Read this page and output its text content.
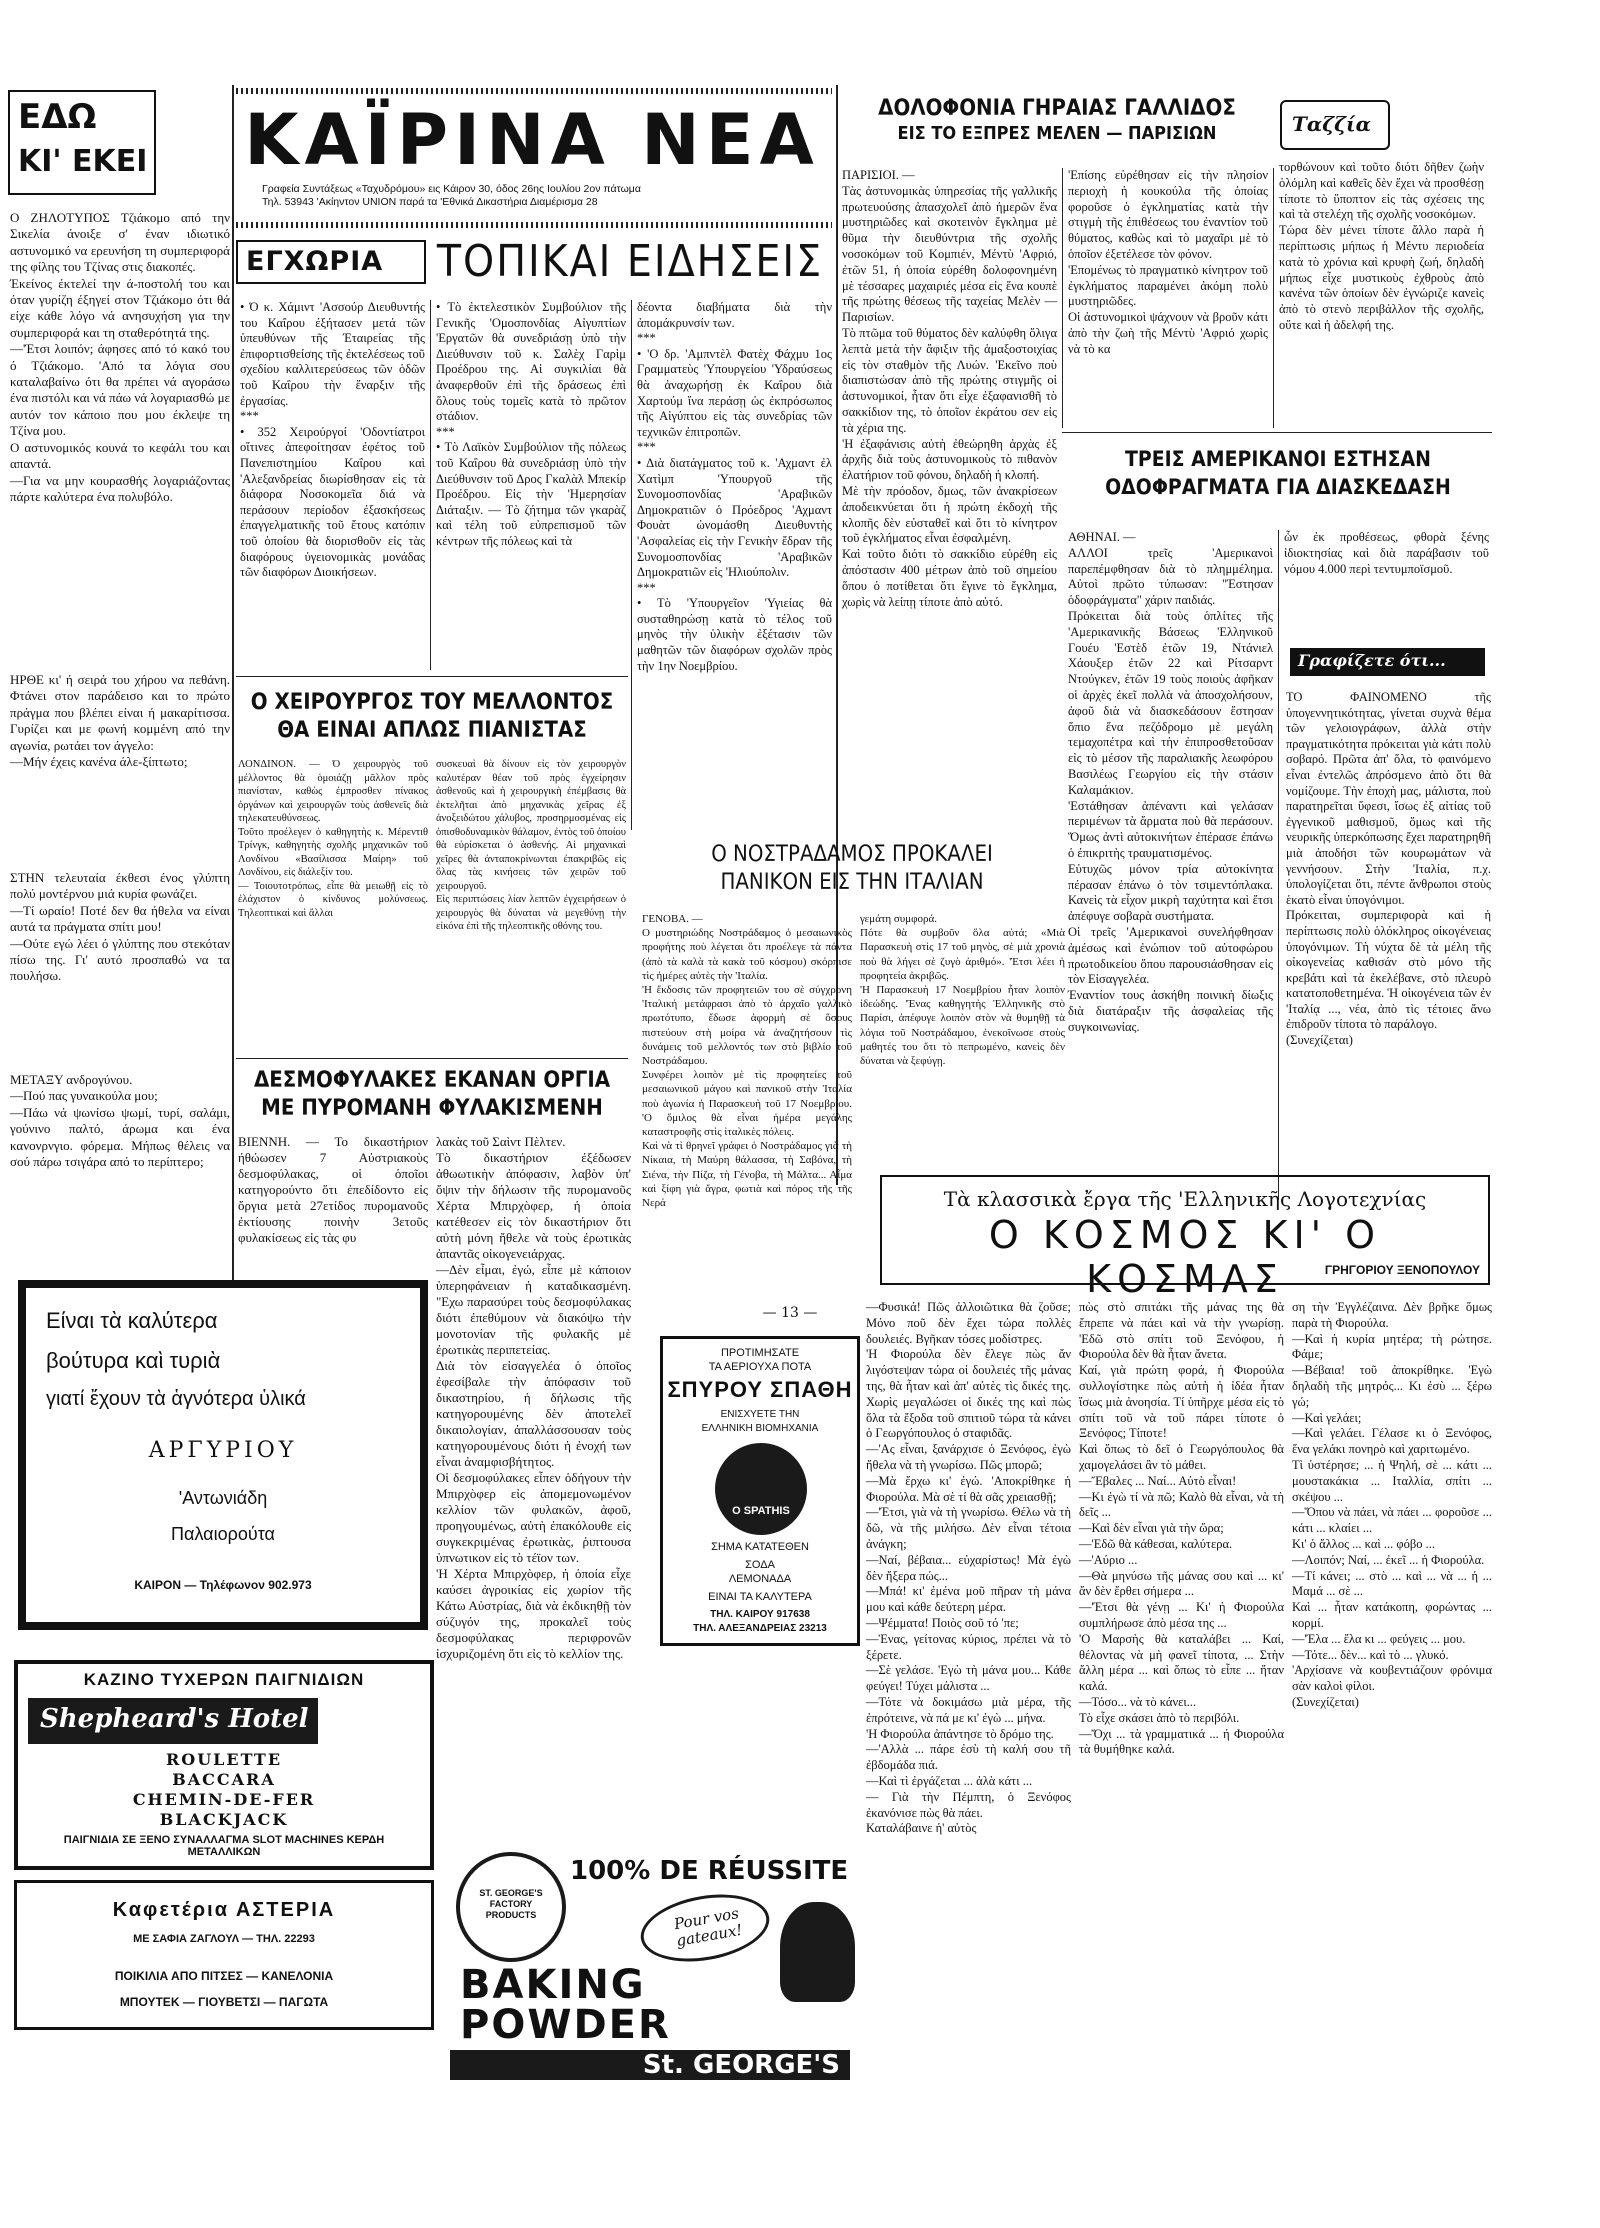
ΕΔΩ
ΚΙ' ΕΚΕΙ
Ο ΖΗΛΟΤΥΠΟΣ Τζιάκομο από την Σικελία άνοιξε σ' έναν ιδιωτικό αστυνομικό να ερευνήση τη συμπεριφορά της φίλης του Τζίνας στις διακοπές.
Έκείνος έκτελεί την ά-ποστολή του και όταν γυρίζη έξηγεί στον Τζιάκομο ότι θά είχε κάθε λόγο νά ανησυχήση για την συμπεριφορά και τη σταθερότητά της.
—'Έτσι λοιπόν; άφησες από τό κακό του ό Τζιάκομο. 'Από τα λόγια σου καταλαβαίνω ότι θα πρέπει νά αγοράσω ένα πιστόλι και νά πάω νά λογαριασθώ με αυτόν τον κάποιο που μου έκλεψε τη Τζίνα μου.
Ο αστυνομικός κουνά το κεφάλι του και απαντά.
—Για να μην κουρασθής λογαριάζοντας πάρτε καλύτερα ένα πολυβόλο.
ΗΡΘΕ κι' ή σειρά του χήρου να πεθάνη. Φτάνει στον παράδεισο και το πρώτο πράγμα που βλέπει είναι ή μακαρίτισσα. Γυρίζει και με φωνή κομμένη από την αγωνία, ρωτάει τον άγγελο:
—Μήν έχεις κανένα άλε-ξίπτωτο;
ΣΤΗΝ τελευταία έκθεσι ένος γλύπτη πολύ μοντέρνου μιά κυρία φωνάζει.
—Τί ωραίο! Ποτέ δεν θα ήθελα να είναι αυτά τα πράγματα σπίτι μου!
—Ούτε εγώ λέει ό γλύπτης που στεκόταν πίσω της. Γι' αυτό προσπαθώ να τα πουλήσω.
ΜΕΤΑΞΥ ανδρογύνου.
—Πού πας γυναικούλα μου;
—Πάω νά ψωνίσω ψωμί, τυρί, σαλάμι, γούνινο παλτό, άρωμα και ένα κανονρνγιο. φόρεμα. Μήπως θέλεις να σού πάρω τσιγάρα από το περίπτερο;
ΚΑΪΡΙΝΑ ΝΕΑ
Γραφεία Συντάξεως «Ταχυδρόμου» εις Κάιρον 30, όδος 26ης Ιουλίου 2ον πάτωμα
Τηλ. 53943 'Ακίηντον UNION παρά τα 'Εθνικά Δικαστήρια Διαμέρισμα 28
ΕΓΧΩΡΙΑ ΤΟΠΙΚΑΙ ΕΙΔΗΣΕΙΣ
• Ό κ. Χάμιντ 'Ασσούρ Διευθυντής του Καΐρου έξήτασεν μετά τῶν ὑπευθύνων τῆς Έταιρείας τῆς ἐπιφορτισθείσης τῆς ἐκτελέσεως τοῦ σχεδίου καλλιτερεύσεως τῶν ὁδῶν τοῦ Καΐρου τὴν ἔναρξιν τῆς ἐργασίας.
***
• 352 Χειρούργοί 'Οδοντίατροι οἵτινες ἀπεφοίτησαν ἐφέτος τοῦ Πανεπιστημίου Καΐρου καὶ 'Αλεξανδρείας διωρίσθησαν εἰς τὰ διάφορα Νοσοκομεῖα διά νὰ περάσουν περίοδον ἐξασκήσεως ἐπαγγελματικῆς τοῦ ἔτους κατόπιν τοῦ ὁποίου θὰ διορισθοῦν εἰς τὰς διαφόρους ὑγειονομικὰς μονάδας τῶν διαφόρων Διοικήσεων.
• Τὸ ἐκτελεστικὸν Συμβούλιον τῆς Γενικῆς 'Ομοσπονδίας Αἰγυπτίων 'Εργατῶν θὰ συνεδριάσῃ ὑπὸ τὴν Διεύθυνσιν τοῦ κ. Σαλὲχ Γαρὶμ Προέδρου της. Αἱ συγκιλίαι θὰ ἀναφερθοῦν ἐπὶ τῆς δράσεως ἐπὶ ὅλους τοὺς τομεῖς κατὰ τὸ πρῶτον στάδιον.
***
• Τὸ Λαϊκὸν Συμβούλιον τῆς πόλεως τοῦ Καΐρου θὰ συνεδριάσῃ ὑπὸ τὴν Διεύθυνσιν τοῦ Δρος Γκαλὰλ Μπεκίρ Προέδρου. Εἰς τὴν 'Ημερησίαν Διάταξιν. — Τὸ ζήτημα τῶν γκαρὰζ καὶ τέλη τοῦ εὐπρεπισμοῦ τῶν κέντρων τῆς πόλεως καὶ τὰ
δέοντα διαβήματα διὰ τὴν ἀπομάκρυνσίν των.
***
• 'Ο δρ. 'Αμπντὲλ Φατὲχ Φάχμυ 1ος Γραμματεὺς 'Υπουργείου 'Υδραύσεως θὰ ἀναχωρήσῃ ἐκ Καΐρου διὰ Χαρτούμ ἵνα περάσῃ ὡς ἐκπρόσωπος τῆς Αἰγύπτου εἰς τὰς συνεδρίας τῶν τεχνικῶν ἐπιτροπῶν.
***
• Διὰ διατάγματος τοῦ κ. 'Αχμαντ ἐλ Χατὶμπ 'Υπουργοῦ τῆς Συνομοσπονδίας 'Αραβικῶν Δημοκρατιῶν ὁ Πρόεδρος 'Αχμαντ Φουὰτ ὠνομάσθη Διευθυντὴς 'Ασφαλείας εἰς τὴν Γενικὴν ἔδραν τῆς Συνομοσπονδίας 'Αραβικῶν Δημοκρατιῶν εἰς 'Ηλιούπολιν.
***
• Τὸ 'Υπουργεῖον 'Υγιείας θὰ συσταθηρώσῃ κατὰ τὸ τέλος τοῦ μηνὸς τὴν ὑλικὴν ἐξέτασιν τῶν μαθητῶν τῶν διαφόρων σχολῶν πρὸς τὴν 1ην Νοεμβρίου.
Ο ΧΕΙΡΟΥΡΓΟΣ ΤΟΥ ΜΕΛΛΟΝΤΟΣ
ΘΑ ΕΙΝΑΙ ΑΠΛΩΣ ΠΙΑΝΙΣΤΑΣ
ΛΟΝΔΙΝΟΝ. — Ό χειρουργὸς τοῦ μέλλοντος θὰ ὁμοιάζῃ μᾶλλον πρὸς πιανίσταν, καθὼς ἐμπροσθεν πίνακος ὀργάνων καὶ χειρουργῶν τοὺς ἀσθενεῖς διὰ τηλεκατευθύνσεως.
Τοῦτο προέλεγεν ὁ καθηγητὴς κ. Μέρεντιθ Τρίνγκ, καθηγητὴς σχολῆς μηχανικῶν τοῦ Λονδίνου «Βασίλισσα Μαίρη» τοῦ Λονδίνου, εἰς διάλεξίν του.
— Τοιουτοτρόπως, εἶπε θὰ μειωθῇ εἰς τὸ ἐλάχιστον ὁ κίνδυνος μολύνσεως. Τηλεοπτικαὶ καὶ ἄλλαι
συσκευαὶ θὰ δίνουν εἰς τὸν χειρουργὸν καλυτέραν θέαν τοῦ πρὸς ἐγχείρησιν ἀσθενοῦς καὶ ἡ χειρουργικὴ ἐπέμβασις θὰ ἐκτελῆται ἀπὸ μηχανικὰς χεῖρας ἐξ ἀνοξειδώτου χάλυβος, προσηρμοσμένας εἰς ὀπισθοδυναμικὸν θάλαμον, ἐντὸς τοῦ ὁποίου θὰ εὑρίσκεται ὁ ἀσθενής. Αἱ μηχανικαὶ χεῖρες θὰ ἀνταποκρίνωνται ἐπακριβῶς εἰς ὅλας τὰς κινήσεις τῶν χειρῶν τοῦ χειρουργοῦ.
Εἰς περιπτώσεις λίαν λεπτῶν ἐγχειρήσεων ὁ χειρουργὸς θὰ δύναται νὰ μεγεθύνῃ τὴν εἰκόνα ἐπὶ τῆς τηλεοπτικῆς οθόνης του.
ΔΕΣΜΟΦΥΛΑΚΕΣ ΕΚΑΝΑΝ ΟΡΓΙΑ
ΜΕ ΠΥΡΟΜΑΝΗ ΦΥΛΑΚΙΣΜΕΝΗ
ΒΙΕΝΝΗ. — Το δικαστήριον ήθώωσεν 7 Αὐστριακοὺς δεσμοφύλακας, οἱ ὁποῖοι κατηγορούντο ὅτι ἐπεδίδοντο εἰς ὄργια μετὰ 27ετίδος πυρομανοῦς ἐκτίουσης ποινὴν 3ετοῦς φυλακίσεως εἰς τὰς φυ
λακὰς τοῦ Σαὶντ Πὲλτεν.
Τὸ δικαστήριον ἐξέδωσεν ἀθωωτικὴν ἀπόφασιν, λαβὸν ὑπ' ὄψιν τὴν δήλωσιν τῆς πυρομανοῦς Χέρτα Μπιρχὸφερ, ἡ ὁποία κατέθεσεν εἰς τὸν δικαστήριον ὅτι αὐτὴ μόνη ἤθελε νὰ τοὺς ἐρωτικὰς ἀπαντᾶς οἰκογενειάρχας.
—Δὲν εἶμαι, ἐγώ, εἶπε μὲ κάποιον ὑπερηφάνειαν ἡ καταδικασμένη. "Εχω παρασύρει τοὺς δεσμοφύλακας διότι ἐπεθύμουν νὰ διακόψω τὴν μονοτονίαν τῆς φυλακῆς μὲ ἐρωτικὰς περιπετείας.
Διὰ τὸν εἰσαγγελέα ὁ ὁποῖος ἐφεσίβαλε τὴν ἀπόφασιν τοῦ δικαστηρίου, ἡ δήλωσις τῆς κατηγορουμένης δὲν ἀποτελεῖ δικαιολογίαν, ἀπαλλάσσουσαν τοὺς κατηγορουμένους διότι ἡ ἐνοχή των εἶναι ἀναμφισβήτητος.
Οἱ δεσμοφύλακες εἶπεν ὁδήγουν τὴν Μπιρχὸφερ εἰς ἀπομεμονωμένον κελλίον τῶν φυλακῶν, ἀφοῦ, προηγουμένως, αὐτὴ ἐπακόλουθε εἰς συγκεκριμένας ἐρωτικὰς, ῥιπτουσα ὑπνωτικον εἰς τὸ τέϊον των.
'Η Χέρτα Μπιρχὸφερ, ἡ ὁποία εἶχε καύσει ἀγροικίας εἰς χωρίον τῆς Κάτω Αὐστρίας, διὰ νὰ ἐκδικηθῇ τὸν σύζυγόν της, προκαλεῖ τοὺς δεσμοφύλακας περιφρονῶν ἰσχυριζομένη ὅτι εἰς τὸ κελλίον της.
ΔΟΛΟΦΟΝΙΑ ΓΗΡΑΙΑΣ ΓΑΛΛΙΔΟΣ
ΕΙΣ ΤΟ ΕΞΠΡΕΣ ΜΕΛΕΝ — ΠΑΡΙΣΙΩΝ	Ταζζία
ΠΑΡΙΣΙΟΙ. —
Τὰς ἀστυνομικὰς ὑπηρεσίας τῆς γαλλικῆς πρωτευούσης ἀπασχολεῖ ἀπὸ ἡμερῶν ἕνα μυστηριῶδες καὶ σκοτεινὸν ἔγκλημα μὲ θῦμα τὴν διευθύντρια τῆς σχολῆς νοσοκόμων τοῦ Κομπιέν, Μέντὺ 'Αφριό, ἐτῶν 51, ἡ ὁποία εὑρέθη δολοφονημένη μὲ τέσσαρες μαχαιριές μέσα εἰς ἕνα κουπὲ τῆς πρώτης θέσεως τῆς ταχείας Μελὲν — Παρισίων.
Τὸ πτῶμα τοῦ θύματος δὲν καλύφθη ὅλιγα λεπτὰ μετὰ τὴν ἄφιξιν τῆς ἁμαξοστοιχίας εἰς τὸν σταθμὸν τῆς Λυών. 'Εκεῖνο ποὺ διαπιστώσαν ἀπὸ τῆς πρώτης στιγμῆς οἱ ἀστυνομικοί, ἦταν ὅτι εἶχε ἐξαφανισθῆ τὸ σακκίδιον της, τὸ ὁποῖον ἐκράτου σεν εἰς τὰ χέρια της.
'Η ἐξαφάνισις αὐτὴ ἐθεώρηθη ἀρχὰς ἐξ ἀρχῆς διὰ τοὺς ἀστυνομικοὺς τὸ πιθανὸν ἐλατήριον τοῦ φόνου, δηλαδὴ ἡ κλοπή.
Μὲ τὴν πρόοδον, δμως, τῶν ἀνακρίσεων ἀποδεικνύεται ὅτι ἡ πρώτη ἐκδοχὴ τῆς κλοπῆς δὲν εὐσταθεῖ καὶ ὅτι τὸ κίνητρον τοῦ ἐγκλήματος εἶναι ἐσφαλμένη.
Καὶ τοῦτο διότι τὸ σακκίδιο εὑρέθη εἰς ἀπόστασιν 400 μέτρων ἀπὸ τοῦ σημείου ὅπου ὁ ποτίθεται ὅτι ἔγινε τὸ ἔγκλημα, χωρὶς νὰ λείπῃ τίποτε ἀπὸ αὐτό.
'Επίσης εὑρέθησαν εἰς τὴν πλησίον περιοχὴ ἡ κουκούλα τῆς ὁποίας φοροῦσε ὁ ἐγκληματίας κατὰ τὴν στιγμὴ τῆς ἐπιθέσεως του ἐναντίον τοῦ θύματος, καθὼς καὶ τὸ μαχαῖρι μὲ τὸ ὁποῖον ἐξετέλεσε τὸν φόνον.
'Επομένως τὸ πραγματικὸ κίνητρον τοῦ ἐγκλήματος παραμένει ἀκόμη πολὺ μυστηριῶδες.
Οἱ ἀστυνομικοὶ ψάχνουν νὰ βροῦν κάτι ἀπὸ τὴν ζωὴ τῆς Μέντὺ 'Αφριό χωρὶς νὰ τὸ κα
τορθώνουν καὶ τοῦτο διότι δῆθεν ζωὴν ὁλόμλη καὶ καθεῖς δὲν ἔχει νὰ προσθέσῃ τίποτε τὸ ὕποπτον εἰς τὰς σχέσεις της καὶ τὰ στελέχη τῆς σχολῆς νοσοκόμων.
Τώρα δὲν μένει τίποτε ἄλλο παρὰ ἡ περίπτωσις μήπως ἡ Μέντυ περιοδεία κατὰ τὸ χρόνια καὶ κρυφὴ ζωή, δηλαδὴ μήπως εἶχε μυστικοὺς ἐχθροὺς ἀπὸ κανένα τῶν ὁποίων δὲν ἐγνώριζε κανεὶς ἀπὸ τὸ στενὸ περιβάλλον τῆς σχολῆς, οὔτε καὶ ἡ ἀδελφή της.
ΤΡΕΙΣ ΑΜΕΡΙΚΑΝΟΙ ΕΣΤΗΣΑΝ
ΟΔΟΦΡΑΓΜΑΤΑ ΓΙΑ ΔΙΑΣΚΕΔΑΣΗ
ΑΘΗΝΑΙ. —
ΑΛΛΟΙ τρεῖς 'Αμερικανοὶ παρεπέμφθησαν διὰ τὸ πλημμέλημα. Αὐτοὶ πρῶτο τύπωσαν: "Έστησαν ὁδοφράγματα" χάριν παιδιάς.
Πρόκειται διὰ τοὺς ὁπλίτες τῆς 'Αμερικανικῆς Βάσεως 'Ελληνικοῦ Γουέυ 'Εστὲδ ἐτῶν 19, Ντάνιελ Χάουξερ ἐτῶν 22 καὶ Ρίτσαρντ Ντούγκεν, ἐτῶν 19 τοὺς ποιοὺς ἀφῆκαν οἱ ἀρχὲς ἐκεῖ πολλὰ νὰ ἀποσχολήσουν, ἀφοῦ διὰ νὰ διασκεδάσουν ἔστησαν ὅπιο ἕνα πεζόδρομο μὲ μεγάλη τεμαχοπέτρα καὶ τὴν ἐπιπροσθετοῦσαν εἰς τὸ μέσον τῆς παραλιακῆς λεωφόρου Βασιλέως Γεωργίου εἰς τὴν στάσιν Καλαμάκιον.
'Εστάθησαν ἀπέναντι καὶ γελάσαν περιμένων τὰ ἄρματα ποὺ θὰ περάσουν. Ὅμως ἀντὶ αὐτοκινήτων ἐπέρασε ἐπάνω ὁ ἐπικριτὴς τραυματισμένος.
Εὐτυχῶς μόνον τρία αὐτοκίνητα πέρασαν ἐπάνω ὁ τὸν τσιμεντόπλακα. Κανεὶς τὰ εἶχον μικρὴ ταχύτητα καὶ ἔτσι ἀπέφυγε σοβαρὰ συστήματα.
Οἱ τρεῖς 'Αμερικανοὶ συνελήφθησαν ἀμέσως καὶ ἐνώπιον τοῦ αὐτοφώρου πρωτοδικείου ὅπου παρουσιάσθησαν εἰς τὸν Εἰσαγγελέα.
Έναντίον τους ἀσκήθη ποινικὴ δίωξις διὰ διατάραξιν τῆς ἀσφαλείας τῆς συγκοινωνίας.
ὧν ἐκ προθέσεως, φθορὰ ξένης ἰδιοκτησίας καὶ διὰ παράβασιν τοῦ νόμου 4.000 περὶ τεντυμποϊσμοῦ.
Γραφίζετε ότι...
ΤΟ ΦΑΙΝΟΜΕΝΟ τῆς ὑπογεννητικότητας, γίνεται συχνὰ θέμα τῶν γελοιογράφων, ἀλλὰ στὴν πραγματικότητα πρόκειται γιὰ κάτι πολὺ σοβαρό. Πρῶτα ἀπ' ὅλα, τὸ φαινόμενο εἶναι ἐντελῶς ἀπρόσμενο ἀπὸ ὅτι θὰ νομίζουμε. Τὴν ἐποχὴ μας, μάλιστα, ποὺ παρατηρεῖται ὕφεσι, ἴσως ἐξ αἰτίας τοῦ ἐγγενικοῦ μαθισμοῦ, ὅμως καὶ τῆς νευρικῆς ὑπερκόπωσης ἔχει παρατηρηθῆ μιὰ ἀποδήσι τῶν κουρωμάτων νὰ γεννήσουν. Στὴν 'Ιταλία, π.χ. ὑπολογίζεται ὅτι, πέντε ἄνθρωποι στοὺς ἑκατὸ εἶναι ὑπογόνιμοι.
Πρόκειται, συμπεριφορὰ καὶ ἡ περίπτωσις πολὺ ὁλόκληρος οἰκογένειας ὑπογόνιμων. Τὴ νύχτα δὲ τὰ μέλη τῆς οἰκογενείας καθισάν στὸ μόνο τῆς κρεβάτι καὶ τὰ ἐκελέβανε, στὸ πλευρὸ κατατοποθετημένα. Ἡ οἰκογένεια τῶν ἐν 'Ιταλίᾳ ..., νέα, ἀπὸ τὶς τέτοιες ἄνω ἐπιδροῦν τίποτα τὸ παράλογο.
(Συνεχίζεται)
Ο ΝΟΣΤΡΑΔΑΜΟΣ ΠΡΟΚΑΛΕΙ
ΠΑΝΙΚΟΝ ΕΙΣ ΤΗΝ ΙΤΑΛΙΑΝ
ΓΕΝΟΒΑ. —
Ο μυστηριώδης Νοστράδαμος ὁ μεσαιωνικὸς προφήτης ποὺ λέγεται ὅτι προέλεγε τὰ πάντα (ἀπὸ τὰ καλὰ τὰ κακὰ τοῦ κόσμου) σκόρπισε τὶς ἡμέρες αὐτὲς τὴν 'Ιταλία.
'Η ἔκδοσις τῶν προφητειῶν του σὲ σύγχρονη 'Ιταλική μετάφρασι ἀπὸ τὸ ἀρχαῖο γαλλικὸ πρωτότυπο, ἔδωσε ἀφορμὴ σὲ ὅσους πιστεύουν στὴ μοίρα νὰ ἀναζητήσουν τὶς δυνάμεις τοῦ μελλοντός των στὸ βιβλίο τοῦ Νοστράδαμου.
Συνφέρει λοιπὸν μὲ τὶς προφητείες τοῦ μεσαιωνικοῦ μάγου καὶ πανικοῦ στὴν Ἰταλία ποὺ ἀγωνία ἡ Παρασκευὴ τοῦ 17 Νοεμβρίου. 'Ο ὅμιλος θὰ εἶναι ἡμέρα μεγάλης καταστροφῆς στὶς ἰταλικὲς πόλεις.
Καὶ νὰ τὶ θρηνεῖ γράφει ὁ Νοστράδαμος γιὰ τὴ Νίκαια, τὴ Μαύρη θάλασσα, τὴ Σαβόνα, τὴ Σιένα, τὴν Πίζα, τὴ Γένοβα, τὴ Μάλτα... Αἷμα καὶ ξίφη γιὰ ἄγρα, φωτιὰ καὶ πόρος τῆς τῆς Νερά
γεμάτη συμφορά.
Πότε θὰ συμβοῦν ὅλα αὐτά; «Μιὰ Παρασκευὴ στὶς 17 τοῦ μηνὸς, σὲ μιὰ χρονιὰ ποὺ θὰ λήγει σὲ ζυγὸ ἀριθμό». 'Έτσι λέει ἡ προφητεία ἀκριβῶς.
'Η Παρασκευὴ 17 Νοεμβρίου ἦταν λοιπὸν ἰδεώδης. 'Ένας καθηγητὴς Ἑλληνικῆς στὸ Παρίσι, ἀπέφυγε λοιπὸν στὸν νὰ θυμηθῇ τὰ λόγια τοῦ Νοστράδαμου, ἐνεκοῖνωσε στοὺς μαθητές του ὅτι τὸ πεπρωμένο, κανεὶς δὲν δύναται νὰ ξεφύγῃ.
Τὰ κλασσικὰ ἔργα τῆς 'Ελληνικῆς Λογοτεχνίας
Ο ΚΟΣΜΟΣ ΚΙ' Ο ΚΟΣΜΑΣ	ΓΡΗΓΟΡΙΟΥ ΞΕΝΟΠΟΥΛΟΥ
— 13 —	—Φυσικά! Πῶς ἀλλοιῶτικα θὰ ζοῦσε; Μόνο ποῦ δὲν ἔχει τώρα πολλὲς δουλειές. Βγῆκαν τόσες μοδίστρες.
'Η Φιορούλα δὲν ἔλεγε πὼς ἄν λιγόστεψαν τώρα οἱ δουλειές τῆς μάνας της, θὰ ἦταν καὶ ἀπ' αὐτὲς τὶς δικές της. Χωρὶς μεγαλώσει οἱ δικές της καὶ πὼς ὅλα τὰ ἔξοδα τοῦ σπιτιοῦ τώρα τὰ κάνει ὁ Γεωργόπουλος ὁ σταφιδᾶς.
—'Ας εἶναι, ξανάρχισε ὁ Ξενόφος, ἐγὼ ἤθελα νὰ τὴ γνωρίσω. Πῶς μπορῶ;
—Μὰ ἔρχω κι' ἐγώ. 'Αποκρίθηκε ἡ Φιορούλα. Μὰ σὲ τί θὰ σᾶς χρειασθῇ;
—'Έτσι, γιὰ νὰ τὴ γνωρίσω. Θέλω νὰ τὴ δῶ, νὰ τῆς μιλήσω. Δὲν εἶναι τέτοια ἀνάγκη;
—Ναί, βέβαια... εὐχαρίστως! Μὰ ἐγὼ δὲν ἤξερα πώς...
—Μπά! κι' ἐμένα μοῦ πῆραν τὴ μάνα μου καὶ κάθε δεύτερη μέρα.
—Ψέμματα! Ποιὸς σοῦ τό 'πε;
—Ἐνας, γείτονας κύριος, πρέπει νὰ τὸ ξέρετε.
—Σὲ γελάσε. 'Εγὼ τὴ μάνα μου... Κάθε φεύγει! Τύχει μάλιστα ...
—Τότε νὰ δοκιμάσω μιὰ μέρα, τῆς ἐπρότεινε, νὰ πά με κι' ἐγὼ ... μήνα.
'Η Φιορούλα ἀπάντησε τὸ δρόμο της.
—'Αλλὰ ... πάρε ἐσὺ τὴ καλή σου τῆ ἐβδομάδα πιά.
—Καὶ τὶ ἐργάζεται ... ἀλὰ κάτι ...
— Γιὰ τὴν Πέμπτη, ὁ Ξενόφος ἐκανόνισε πὼς θὰ πάει.
Καταλάβαινε ἡ' αὐτὸς
πὼς στὸ σπιτάκι τῆς μάνας της θὰ ἔπρεπε νὰ πάει καὶ νὰ τὴν γνωρίσῃ. 'Εδῶ στὸ σπίτι τοῦ Ξενόφου, ἡ Φιορούλα δὲν θὰ ἦταν ἄνετα.
Καί, γιὰ πρώτη φορά, ἡ Φιορούλα συλλογίστηκε πὼς αὐτὴ ἡ ἰδέα ἦταν ἴσως μιὰ ἀνοησία. Τί ὑπῆρχε μέσα εἰς τὸ σπίτι τοῦ νὰ τοῦ πάρει τίποτε ὁ Ξενόφος; Τίποτε!
Καὶ ὅπως τὸ δεῖ ὁ Γεωργόπουλος θὰ χαμογελάσει ἂν τὸ μάθει.
—Ἔβαλες ... Ναί... Αὐτὸ εἶναι!
—Κι ἐγὼ τί νὰ πῶ; Καλὸ θὰ εἶναι, νὰ τὴ δεῖς ...
—Καὶ δὲν εἶναι γιὰ τὴν ὥρα;
—'Εδῶ θὰ κάθεσαι, καλύτερα.
—'Αύριο ...
—Θὰ μηνύσω τῆς μάνας σου καὶ ... κι' ἄν δὲν ἔρθει σήμερα ...
—'Έτσι θὰ γένῃ ... Κι' ἡ Φιορούλα συμπλήρωσε ἀπὸ μέσα της ...
'Ο Μαρσὴς θὰ καταλάβει ... Καί, θέλοντας νὰ μὴ φανεῖ τίποτα, ... Στὴν ἄλλη μέρα ... καὶ ὅπως τὸ εἶπε ... ἤταν καλά.
—Τόσο... νὰ τὸ κάνει...
Τὸ εἶχε σκάσει ἀπὸ τὸ περιβόλι.
—Ὄχι ... τὰ γραμματικά ... ή Φιορούλα τὰ θυμήθηκε καλά.
ση τὴν Ἐγγλέζαινα. Δὲν βρῆκε ὅμως παρὰ τὴ Φιορούλα.
—Καὶ ἡ κυρία μητέρα; τὴ ρώτησε. Φάμε;
—Βέβαια! τοῦ ἀποκρίθηκε. 'Εγὼ δηλαδὴ τῆς μητρός... Κι ἐσὺ ... ξέρω γώ;
—Καὶ γελάει;
—Καὶ γελάει. Γέλασε κι ὁ Ξενόφος, ἕνα γελάκι πονηρὸ καὶ χαριτωμένο.
Τὶ ὑστέρησε; ... ἡ Ψηλή, σὲ ... κάτι ... μουστακάκια ... Ιταλλία, σπίτι ... σκέψου ...
—Ὅπου νὰ πάει, νὰ πάει ... φοροῦσε ... κάτι ... κλαίει ...
Κι' ὁ ἄλλος ... καὶ ... φόβο ...
—Λοιπόν; Ναί, ... ἐκεῖ ... ἡ Φιορούλα.
—Τί κάνει; ... στὸ ... καὶ ... νὰ ... ἡ ... Μαμά ... σὲ ...
Καὶ ... ἦταν κατάκοπη, φορώντας ... κορμί.
—'Έλα ... ἔλα κι ... φεύγεις ... μου.
—Τότε... δὲν... καὶ τὸ ... γλυκό.
'Αρχίσανε νὰ κουβεντιάζουν φρόνιμα σὰν καλοὶ φίλοι.
(Συνεχίζεται)
Είναι τὰ καλύτερα
βούτυρα καὶ τυριὰ
γιατί ἔχουν τὰ ἁγνότερα ὑλικά
ΑΡΓΥΡΙΟΥ
'Αντωνιάδη
Παλαιορούτα
ΚΑΙΡΟΝ — Τηλέφωνον 902.973
ΚΑΖΙΝΟ ΤΥΧΕΡΩΝ ΠΑΙΓΝΙΔΙΩΝ
Shepheard's Hotel
ROULETTE
BACCARA
CHEMIN-DE-FER
BLACKJACK
ΠΑΙΓΝΙΔΙΑ ΣΕ ΞΕΝΟ ΣΥΝΑΛΛΑΓΜΑ SLOT MACHINES ΚΕΡΔΗ ΜΕΤΑΛΛΙΚΩΝ
Καφετέρια ΑΣΤΕΡΙΑ
ΜΕ ΣΑΦΙΑ ΖΑΓΛΟΥΛ — ΤΗΛ. 22293
ΠΟΙΚΙΛΙΑ ΑΠΟ ΠΙΤΣΕΣ — ΚΑΝΕΛΟΝΙΑ
ΜΠΟΥΤΕΚ — ΓΙΟΥΒΕΤΣΙ — ΠΑΓΩΤΑ
ΠΡΟΤΙΜΗΣΑΤΕ
ΤΑ ΑΕΡΙΟΥΧΑ ΠΟΤΑ
ΣΠΥΡΟΥ ΣΠΑΘΗ
ΕΝΙΣΧΥΕΤΕ ΤΗΝ
ΕΛΛΗΝΙΚΗ ΒΙΟΜΗΧΑΝΙΑ
Ο SPATHIS
ΣΗΜΑ ΚΑΤΑΤΕΘΕΝ
ΣΟΔΑ
ΛΕΜΟΝΑΔΑ
ΕΙΝΑΙ ΤΑ ΚΑΛΥΤΕΡΑ
ΤΗΛ. ΚΑΙΡΟΥ 917638
ΤΗΛ. ΑΛΕΞΑΝΔΡΕΙΑΣ 23213
ST. GEORGE'S FACTORY PRODUCTS
100% DE RÉUSSITE
Pour vos gateaux!
BAKING
POWDER
St. GEORGE'S
